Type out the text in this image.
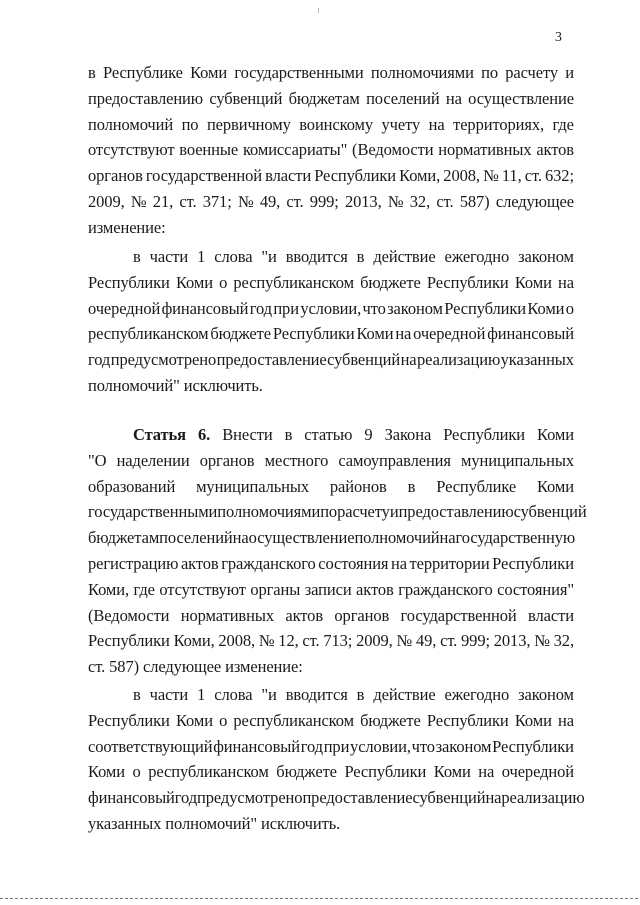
3
в Республике Коми государственными полномочиями по расчету и
предоставлению субвенций бюджетам поселений на осуществление
полномочий по первичному воинскому учету на территориях, где
отсутствуют военные комиссариаты" (Ведомости нормативных актов
органов государственной власти Республики Коми, 2008, № 11, ст. 632;
2009, № 21, ст. 371; № 49, ст. 999; 2013, № 32, ст. 587) следующее
изменение:
в части 1 слова "и вводится в действие ежегодно законом
Республики Коми о республиканском бюджете Республики Коми на
очередной финансовый год при условии, что законом Республики Коми о
республиканском бюджете Республики Коми на очередной финансовый
год предусмотрено предоставление субвенций на реализацию указанных
полномочий" исключить.
Статья 6. Внести в статью 9 Закона Республики Коми
"О наделении органов местного самоуправления муниципальных
образований муниципальных районов в Республике Коми
государственными полномочиями по расчету и предоставлению субвенций
бюджетам поселений на осуществление полномочий на государственную
регистрацию актов гражданского состояния на территории Республики
Коми, где отсутствуют органы записи актов гражданского состояния"
(Ведомости нормативных актов органов государственной власти
Республики Коми, 2008, № 12, ст. 713; 2009, № 49, ст. 999; 2013, № 32,
ст. 587) следующее изменение:
в части 1 слова "и вводится в действие ежегодно законом
Республики Коми о республиканском бюджете Республики Коми на
соответствующий финансовый год при условии, что законом Республики
Коми о республиканском бюджете Республики Коми на очередной
финансовый год предусмотрено предоставление субвенций на реализацию
указанных полномочий" исключить.
